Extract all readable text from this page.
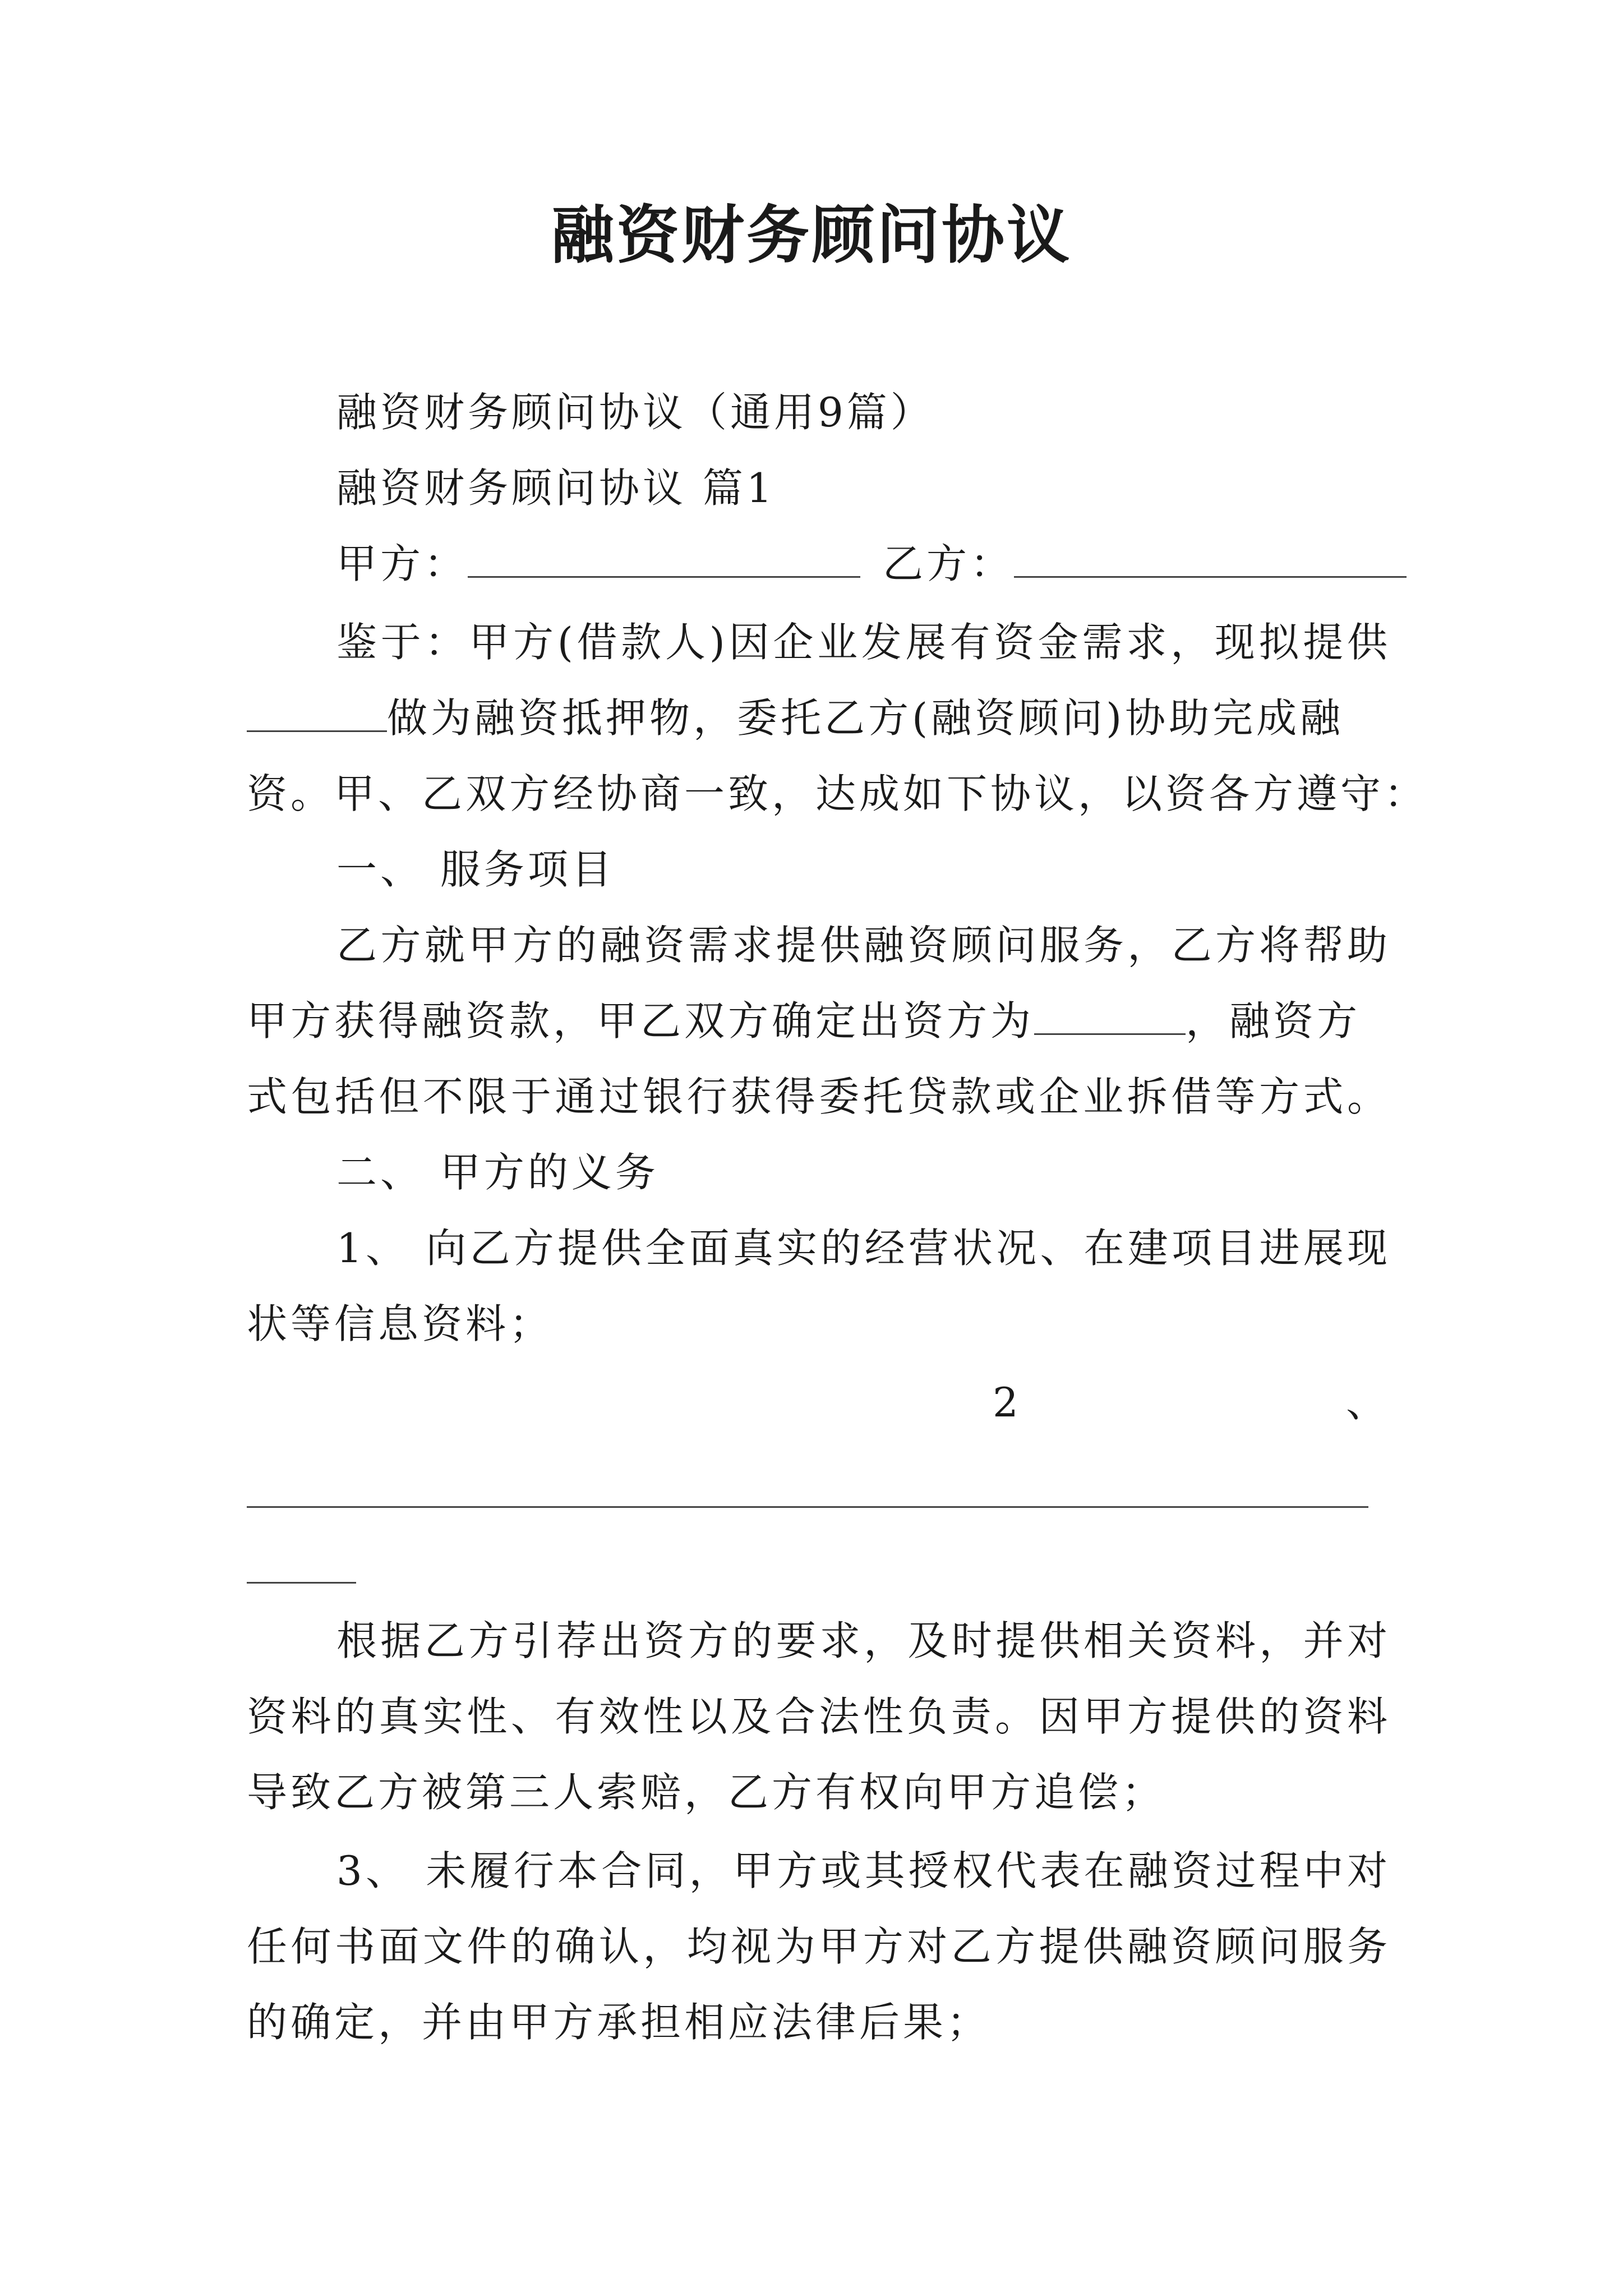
融资财务顾问协议
融资财务顾问协议（通用9篇）
融资财务顾问协议 篇1
甲方：	乙方：
鉴于：甲方(借款人)因企业发展有资金需求，现拟提供
做为融资抵押物，委托乙方(融资顾问)协助完成融
资。甲、乙双方经协商一致，达成如下协议，以资各方遵守：
一、 服务项目
乙方就甲方的融资需求提供融资顾问服务，乙方将帮助
甲方获得融资款，甲乙双方确定出资方为	，融资方
式包括但不限于通过银行获得委托贷款或企业拆借等方式。
二、 甲方的义务
1、 向乙方提供全面真实的经营状况、在建项目进展现
状等信息资料；
2	、
根据乙方引荐出资方的要求，及时提供相关资料，并对
资料的真实性、有效性以及合法性负责。因甲方提供的资料
导致乙方被第三人索赔，乙方有权向甲方追偿；
3、 未履行本合同，甲方或其授权代表在融资过程中对
任何书面文件的确认，均视为甲方对乙方提供融资顾问服务
的确定，并由甲方承担相应法律后果；
